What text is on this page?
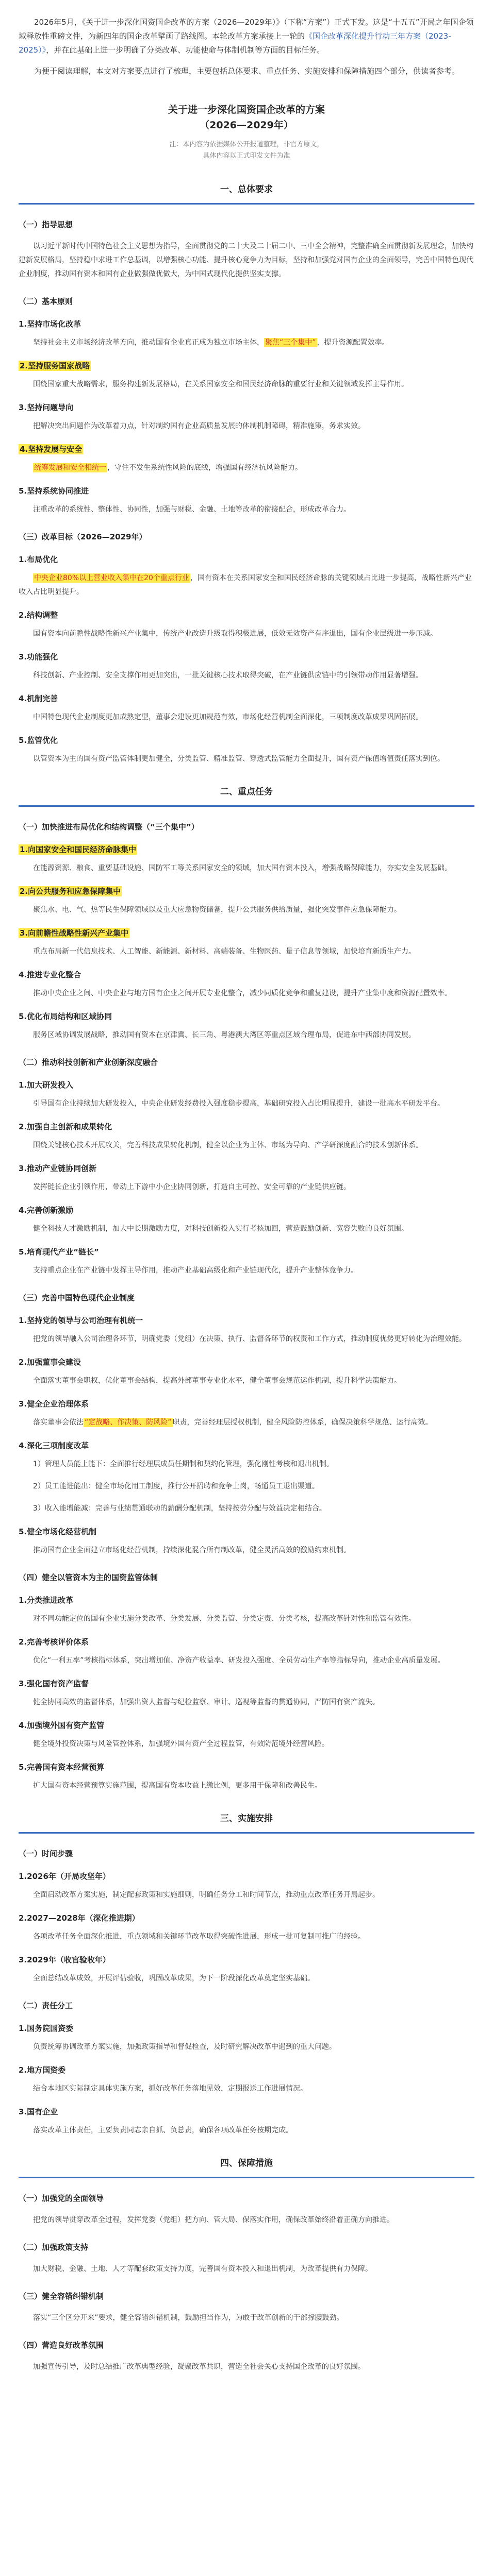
2026年5月，《关于进一步深化国资国企改革的方案（2026—2029年）》（下称“方案”）正式下发。这是“十五五”开局之年国企领域释放性重磅文件，为新四年的国企改革擘画了路线图。本轮改革方案承接上一轮的《国企改革深化提升行动三年方案（2023-2025）》，并在此基础上进一步明确了分类改革、功能使命与体制机制等方面的目标任务。

为便于阅读理解，本文对方案要点进行了梳理，主要包括总体要求、重点任务、实施安排和保障措施四个部分，供读者参考。

关于进一步深化国资国企改革的方案
（2026—2029年）
注：本内容为依据媒体公开报道整理，非官方原文，
具体内容以正式印发文件为准
一、总体要求
（一）指导思想

以习近平新时代中国特色社会主义思想为指导，全面贯彻党的二十大及二十届二中、三中全会精神，完整准确全面贯彻新发展理念，加快构建新发展格局，坚持稳中求进工作总基调，以增强核心功能、提升核心竞争力为目标，坚持和加强党对国有企业的全面领导，完善中国特色现代企业制度，推动国有资本和国有企业做强做优做大，为中国式现代化提供坚实支撑。

（二）基本原则
1.坚持市场化改革

坚持社会主义市场经济改革方向，推动国有企业真正成为独立市场主体， 聚焦“三个集中” ，提升资源配置效率。

2.坚持服务国家战略

围绕国家重大战略需求，服务构建新发展格局，在关系国家安全和国民经济命脉的重要行业和关键领域发挥主导作用。

3.坚持问题导向

把解决突出问题作为改革着力点，针对制约国有企业高质量发展的体制机制障碍，精准施策，务求实效。

4.坚持发展与安全

统筹发展和安全相统一 ，守住不发生系统性风险的底线，增强国有经济抗风险能力。

5.坚持系统协同推进

注重改革的系统性、整体性、协同性，加强与财税、金融、土地等改革的衔接配合，形成改革合力。

（三）改革目标（2026—2029年）
1.布局优化

中央企业80%以上营业收入集中在20个重点行业 ，国有资本在关系国家安全和国民经济命脉的关键领域占比进一步提高，战略性新兴产业收入占比明显提升。

2.结构调整

国有资本向前瞻性战略性新兴产业集中，传统产业改造升级取得积极进展，低效无效资产有序退出，国有企业层级进一步压减。

3.功能强化

科技创新、产业控制、安全支撑作用更加突出，一批关键核心技术取得突破，在产业链供应链中的引领带动作用显著增强。

4.机制完善

中国特色现代企业制度更加成熟定型，董事会建设更加规范有效，市场化经营机制全面深化，三项制度改革成果巩固拓展。

5.监管优化

以管资本为主的国有资产监管体制更加健全，分类监管、精准监管、穿透式监管能力全面提升，国有资产保值增值责任落实到位。

二、重点任务
（一）加快推进布局优化和结构调整（“三个集中”）
1.向国家安全和国民经济命脉集中

在能源资源、粮食、重要基础设施、国防军工等关系国家安全的领域，加大国有资本投入，增强战略保障能力，夯实安全发展基础。

2.向公共服务和应急保障集中

聚焦水、电、气、热等民生保障领域以及重大应急物资储备，提升公共服务供给质量，强化突发事件应急保障能力。

3.向前瞻性战略性新兴产业集中

重点布局新一代信息技术、人工智能、新能源、新材料、高端装备、生物医药、量子信息等领域，加快培育新质生产力。

4.推进专业化整合

推动中央企业之间、中央企业与地方国有企业之间开展专业化整合，减少同质化竞争和重复建设，提升产业集中度和资源配置效率。

5.优化布局结构和区域协同

服务区域协调发展战略，推动国有资本在京津冀、长三角、粤港澳大湾区等重点区域合理布局，促进东中西部协同发展。

（二）推动科技创新和产业创新深度融合
1.加大研发投入

引导国有企业持续加大研发投入，中央企业研发经费投入强度稳步提高，基础研究投入占比明显提升，建设一批高水平研发平台。

2.加强自主创新和成果转化

围绕关键核心技术开展攻关，完善科技成果转化机制，健全以企业为主体、市场为导向、产学研深度融合的技术创新体系。

3.推动产业链协同创新

发挥链长企业引领作用，带动上下游中小企业协同创新，打造自主可控、安全可靠的产业链供应链。

4.完善创新激励

健全科技人才激励机制，加大中长期激励力度，对科技创新投入实行考核加回，营造鼓励创新、宽容失败的良好氛围。

5.培育现代产业“链长”

支持重点企业在产业链中发挥主导作用，推动产业基础高级化和产业链现代化，提升产业整体竞争力。

（三）完善中国特色现代企业制度
1.坚持党的领导与公司治理有机统一

把党的领导融入公司治理各环节，明确党委（党组）在决策、执行、监督各环节的权责和工作方式，推动制度优势更好转化为治理效能。

2.加强董事会建设

全面落实董事会职权，优化董事会结构，提高外部董事专业化水平，健全董事会规范运作机制，提升科学决策能力。

3.健全企业治理体系

落实董事会依法 “定战略、作决策、防风险” 职责，完善经理层授权机制，健全风险防控体系，确保决策科学规范、运行高效。

4.深化三项制度改革

1）管理人员能上能下：全面推行经理层成员任期制和契约化管理，强化刚性考核和退出机制。

2）员工能进能出：健全市场化用工制度，推行公开招聘和竞争上岗，畅通员工退出渠道。

3）收入能增能减：完善与业绩贯通联动的薪酬分配机制，坚持按劳分配与效益决定相结合。

5.健全市场化经营机制

推动国有企业全面建立市场化经营机制，持续深化混合所有制改革，健全灵活高效的激励约束机制。

（四）健全以管资本为主的国资监管体制
1.分类推进改革

对不同功能定位的国有企业实施分类改革、分类发展、分类监管、分类定责、分类考核，提高改革针对性和监管有效性。

2.完善考核评价体系

优化“一利五率”考核指标体系，突出增加值、净资产收益率、研发投入强度、全员劳动生产率等指标导向，推动企业高质量发展。

3.强化国有资产监督

健全协同高效的监督体系，加强出资人监督与纪检监察、审计、巡视等监督的贯通协同，严防国有资产流失。

4.加强境外国有资产监管

健全境外投资决策与风险管控体系，加强境外国有资产全过程监管，有效防范境外经营风险。

5.完善国有资本经营预算

扩大国有资本经营预算实施范围，提高国有资本收益上缴比例，更多用于保障和改善民生。

三、实施安排
（一）时间步骤
1.2026年（开局攻坚年）

全面启动改革方案实施，制定配套政策和实施细则，明确任务分工和时间节点，推动重点改革任务开局起步。

2.2027—2028年（深化推进期）

各项改革任务全面深化推进，重点领域和关键环节改革取得突破性进展，形成一批可复制可推广的经验。

3.2029年（收官验收年）

全面总结改革成效，开展评估验收，巩固改革成果，为下一阶段深化改革奠定坚实基础。

（二）责任分工
1.国务院国资委

负责统筹协调改革方案实施，加强政策指导和督促检查，及时研究解决改革中遇到的重大问题。

2.地方国资委

结合本地区实际制定具体实施方案，抓好改革任务落地见效，定期报送工作进展情况。

3.国有企业

落实改革主体责任，主要负责同志亲自抓、负总责，确保各项改革任务按期完成。

四、保障措施
（一）加强党的全面领导

把党的领导贯穿改革全过程，发挥党委（党组）把方向、管大局、保落实作用，确保改革始终沿着正确方向推进。

（二）加强政策支持

加大财税、金融、土地、人才等配套政策支持力度，完善国有资本投入和退出机制，为改革提供有力保障。

（三）健全容错纠错机制

落实“三个区分开来”要求，健全容错纠错机制，鼓励担当作为，为敢于改革创新的干部撑腰鼓劲。

（四）营造良好改革氛围

加强宣传引导，及时总结推广改革典型经验，凝聚改革共识，营造全社会关心支持国企改革的良好氛围。
